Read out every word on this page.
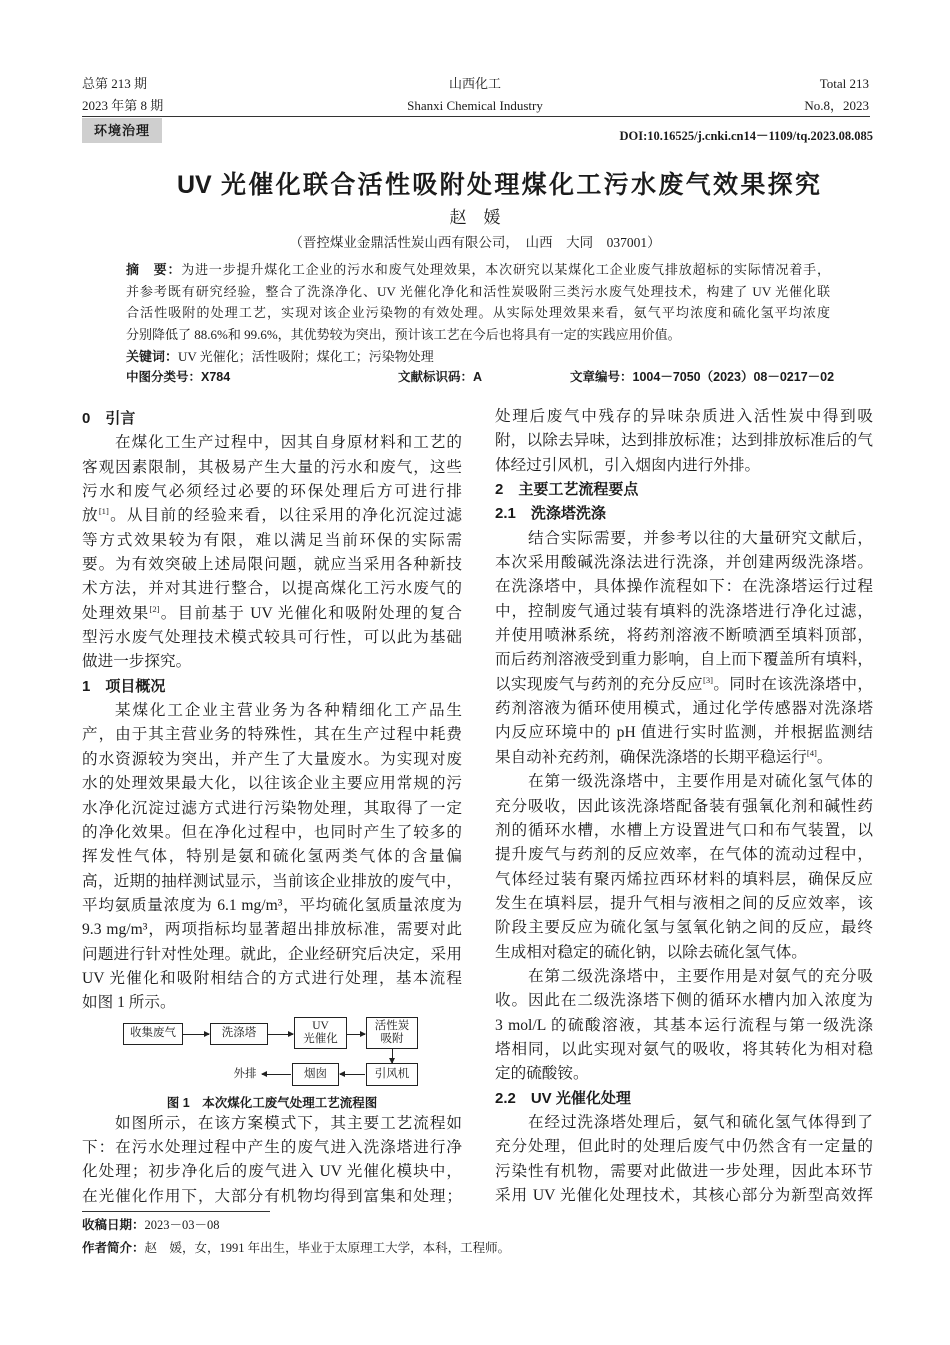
总第 213 期
2023 年第 8 期
山西化工
Shanxi Chemical Industry
Total 213
No.8，2023
环境治理	DOI:10.16525/j.cnki.cn14－1109/tq.2023.08.085
UV 光催化联合活性吸附处理煤化工污水废气效果探究
赵　媛
（晋控煤业金鼎活性炭山西有限公司，　山西　大同　037001）
摘　要：为进一步提升煤化工企业的污水和废气处理效果，本次研究以某煤化工企业废气排放超标的实际情况着手，
并参考既有研究经验，整合了洗涤净化、UV 光催化净化和活性炭吸附三类污水废气处理技术，构建了 UV 光催化联
合活性吸附的处理工艺，实现对该企业污染物的有效处理。从实际处理效果来看，氨气平均浓度和硫化氢平均浓度
分别降低了 88.6%和 99.6%，其优势较为突出，预计该工艺在今后也将具有一定的实践应用价值。
关键词：UV 光催化；活性吸附；煤化工；污染物处理
中图分类号：X784	文献标识码：A	文章编号：1004－7050（2023）08－0217－02
0　引言
在煤化工生产过程中，因其自身原材料和工艺的
客观因素限制，其极易产生大量的污水和废气，这些
污水和废气必须经过必要的环保处理后方可进行排
放[1]。从目前的经验来看，以往采用的净化沉淀过滤
等方式效果较为有限，难以满足当前环保的实际需
要。为有效突破上述局限问题，就应当采用各种新技
术方法，并对其进行整合，以提高煤化工污水废气的
处理效果[2]。目前基于 UV 光催化和吸附处理的复合
型污水废气处理技术模式较具可行性，可以此为基础
做进一步探究。
1　项目概况
某煤化工企业主营业务为各种精细化工产品生
产，由于其主营业务的特殊性，其在生产过程中耗费
的水资源较为突出，并产生了大量废水。为实现对废
水的处理效果最大化，以往该企业主要应用常规的污
水净化沉淀过滤方式进行污染物处理，其取得了一定
的净化效果。但在净化过程中，也同时产生了较多的
挥发性气体，特别是氨和硫化氢两类气体的含量偏
高，近期的抽样测试显示，当前该企业排放的废气中，
平均氨质量浓度为 6.1 mg/m³，平均硫化氢质量浓度为
9.3 mg/m³，两项指标均显著超出排放标准，需要对此
问题进行针对性处理。就此，企业经研究后决定，采用
UV 光催化和吸附相结合的方式进行处理，基本流程
如图 1 所示。
收集废气	洗涤塔
UV
光催化
活性炭
吸附
引风机
烟囱
外排
图 1　本次煤化工废气处理工艺流程图
如图所示，在该方案模式下，其主要工艺流程如
下：在污水处理过程中产生的废气进入洗涤塔进行净
化处理；初步净化后的废气进入 UV 光催化模块中，
在光催化作用下，大部分有机物均得到富集和处理；
处理后废气中残存的异味杂质进入活性炭中得到吸
附，以除去异味，达到排放标准；达到排放标准后的气
体经过引风机，引入烟囱内进行外排。
2　主要工艺流程要点
2.1　洗涤塔洗涤
结合实际需要，并参考以往的大量研究文献后，
本次采用酸碱洗涤法进行洗涤，并创建两级洗涤塔。
在洗涤塔中，具体操作流程如下：在洗涤塔运行过程
中，控制废气通过装有填料的洗涤塔进行净化过滤，
并使用喷淋系统，将药剂溶液不断喷洒至填料顶部，
而后药剂溶液受到重力影响，自上而下覆盖所有填料，
以实现废气与药剂的充分反应[3]。同时在该洗涤塔中，
药剂溶液为循环使用模式，通过化学传感器对洗涤塔
内反应环境中的 pH 值进行实时监测，并根据监测结
果自动补充药剂，确保洗涤塔的长期平稳运行[4]。
在第一级洗涤塔中，主要作用是对硫化氢气体的
充分吸收，因此该洗涤塔配备装有强氧化剂和碱性药
剂的循环水槽，水槽上方设置进气口和布气装置，以
提升废气与药剂的反应效率，在气体的流动过程中，
气体经过装有聚丙烯拉西环材料的填料层，确保反应
发生在填料层，提升气相与液相之间的反应效率，该
阶段主要反应为硫化氢与氢氧化钠之间的反应，最终
生成相对稳定的硫化钠，以除去硫化氢气体。
在第二级洗涤塔中，主要作用是对氨气的充分吸
收。因此在二级洗涤塔下侧的循环水槽内加入浓度为
3 mol/L 的硫酸溶液，其基本运行流程与第一级洗涤
塔相同，以此实现对氨气的吸收，将其转化为相对稳
定的硫酸铵。
2.2　UV 光催化处理
在经过洗涤塔处理后，氨气和硫化氢气体得到了
充分处理，但此时的处理后废气中仍然含有一定量的
污染性有机物，需要对此做进一步处理，因此本环节
采用 UV 光催化处理技术，其核心部分为新型高效挥
收稿日期：2023－03－08
作者简介：赵　媛，女，1991 年出生，毕业于太原理工大学，本科，工程师。
